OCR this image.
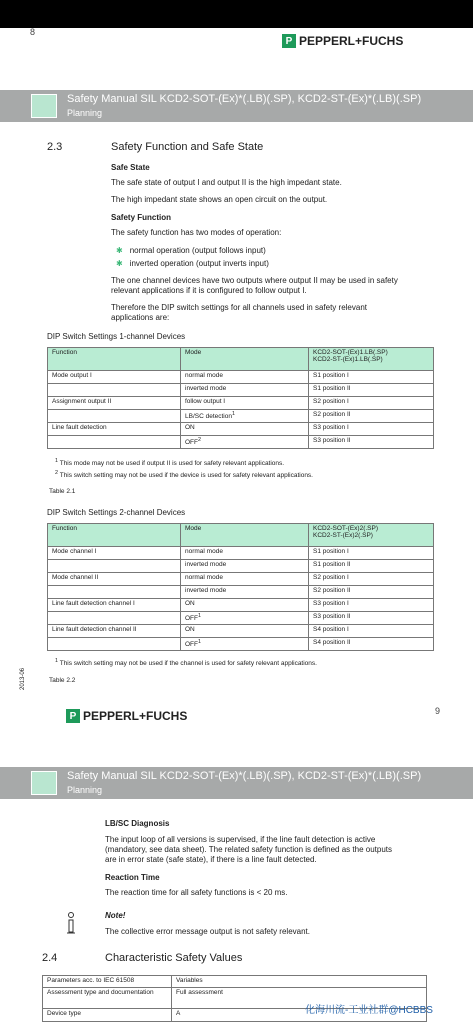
8
P PEPPERL+FUCHS
Safety Manual SIL KCD2-SOT-(Ex)*(.LB)(.SP), KCD2-ST-(Ex)*(.LB)(.SP)
Planning
2.3	Safety Function and Safe State
Safe State
The safe state of output I and output II is the high impedant state.
The high impedant state shows an open circuit on the output.
Safety Function
The safety function has two modes of operation:
✱ normal operation (output follows input)
✱ inverted operation (output inverts input)
The one channel devices have two outputs where output II may be used in safety
relevant applications if it is configured to follow output I.
Therefore the DIP switch settings for all channels used in safety relevant
applications are:
DIP Switch Settings 1-channel Devices
Function	Mode	KCD2-SOT-(Ex)1.LB(.SP)
KCD2-ST-(Ex)1.LB(.SP)
Mode output I	normal mode	S1 position I
	inverted mode	S1 position II
Assignment output II	follow output I	S2 position I
	LB/SC detection$^1$	S2 position II
Line fault detection	ON	S3 position I
	OFF$^2$	S3 position II
$^1$ This mode may not be used if output II is used for safety relevant applications.
$^2$ This switch setting may not be used if the device is used for safety relevant applications.
Table 2.1
DIP Switch Settings 2-channel Devices
Function	Mode	KCD2-SOT-(Ex)2(.SP)
KCD2-ST-(Ex)2(.SP)
Mode channel I	normal mode	S1 position I
	inverted mode	S1 position II
Mode channel II	normal mode	S2 position I
	inverted mode	S2 position II
Line fault detection channel I	ON	S3 position I
	OFF$^1$	S3 position II
Line fault detection channel II	ON	S4 position I
	OFF$^1$	S4 position II
$^1$ This switch setting may not be used if the channel is used for safety relevant applications.
Table 2.2
2013-06
P PEPPERL+FUCHS	9
Safety Manual SIL KCD2-SOT-(Ex)*(.LB)(.SP), KCD2-ST-(Ex)*(.LB)(.SP)
Planning
LB/SC Diagnosis
The input loop of all versions is supervised, if the line fault detection is active
(mandatory, see data sheet). The related safety function is defined as the outputs
are in error state (safe state), if there is a line fault detected.
Reaction Time
The reaction time for all safety functions is < 20 ms.
Note!
The collective error message output is not safety relevant.
2.4	Characteristic Safety Values
Parameters acc. to IEC 61508	Variables
Assessment type and documentation	Full assessment
Device type	A	化海川流-工业社群@HCBBS
